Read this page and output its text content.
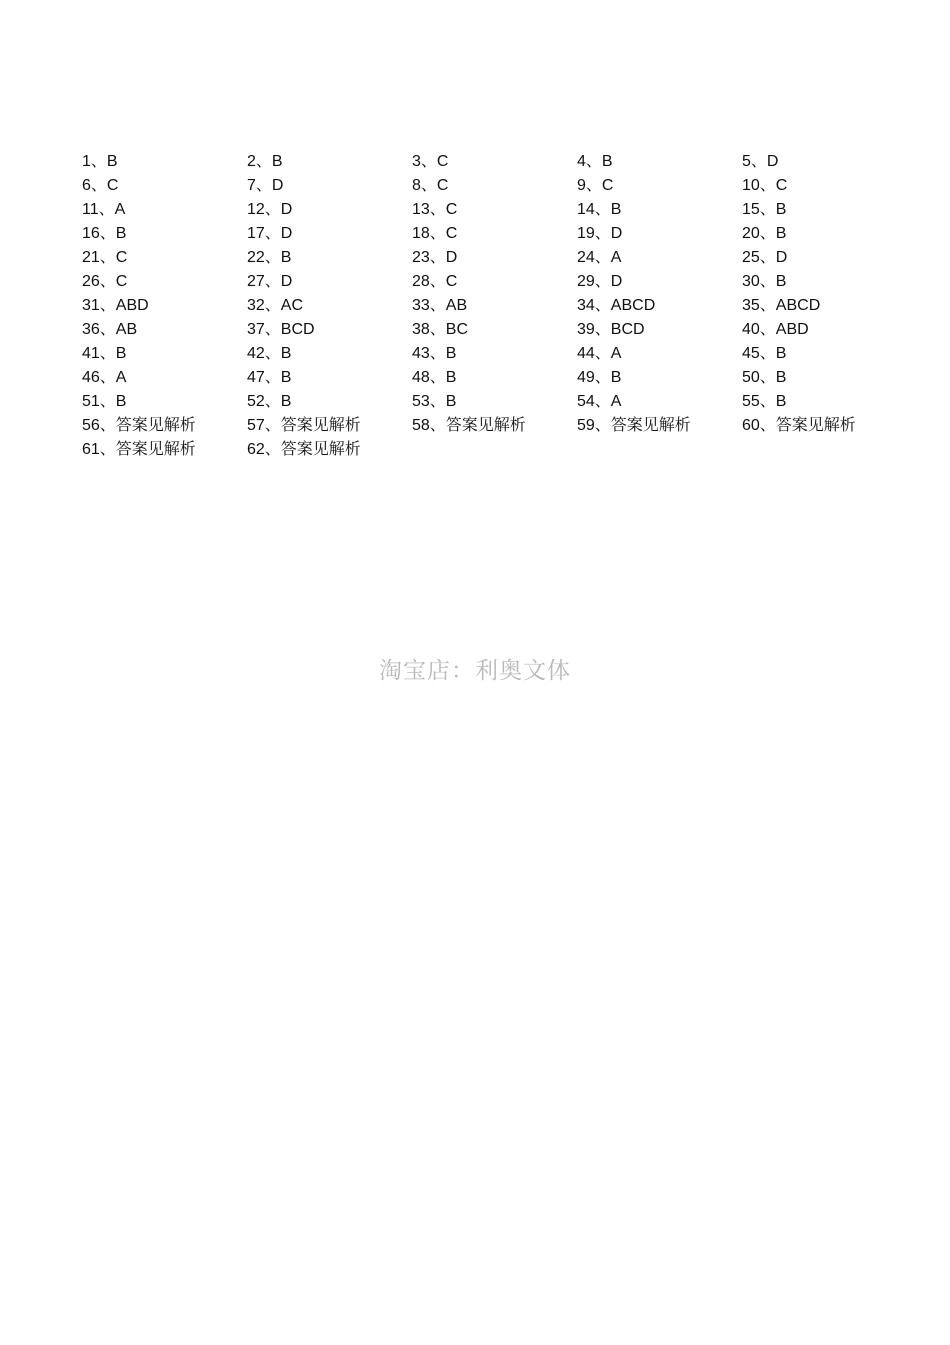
1、B	2、B	3、C	4、B	5、D
6、C	7、D	8、C	9、C	10、C
11、A	12、D	13、C	14、B	15、B
16、B	17、D	18、C	19、D	20、B
21、C	22、B	23、D	24、A	25、D
26、C	27、D	28、C	29、D	30、B
31、ABD	32、AC	33、AB	34、ABCD	35、ABCD
36、AB	37、BCD	38、BC	39、BCD	40、ABD
41、B	42、B	43、B	44、A	45、B
46、A	47、B	48、B	49、B	50、B
51、B	52、B	53、B	54、A	55、B
56、答案见解析	57、答案见解析	58、答案见解析	59、答案见解析	60、答案见解析
61、答案见解析	62、答案见解析
淘宝店：利奥文体
